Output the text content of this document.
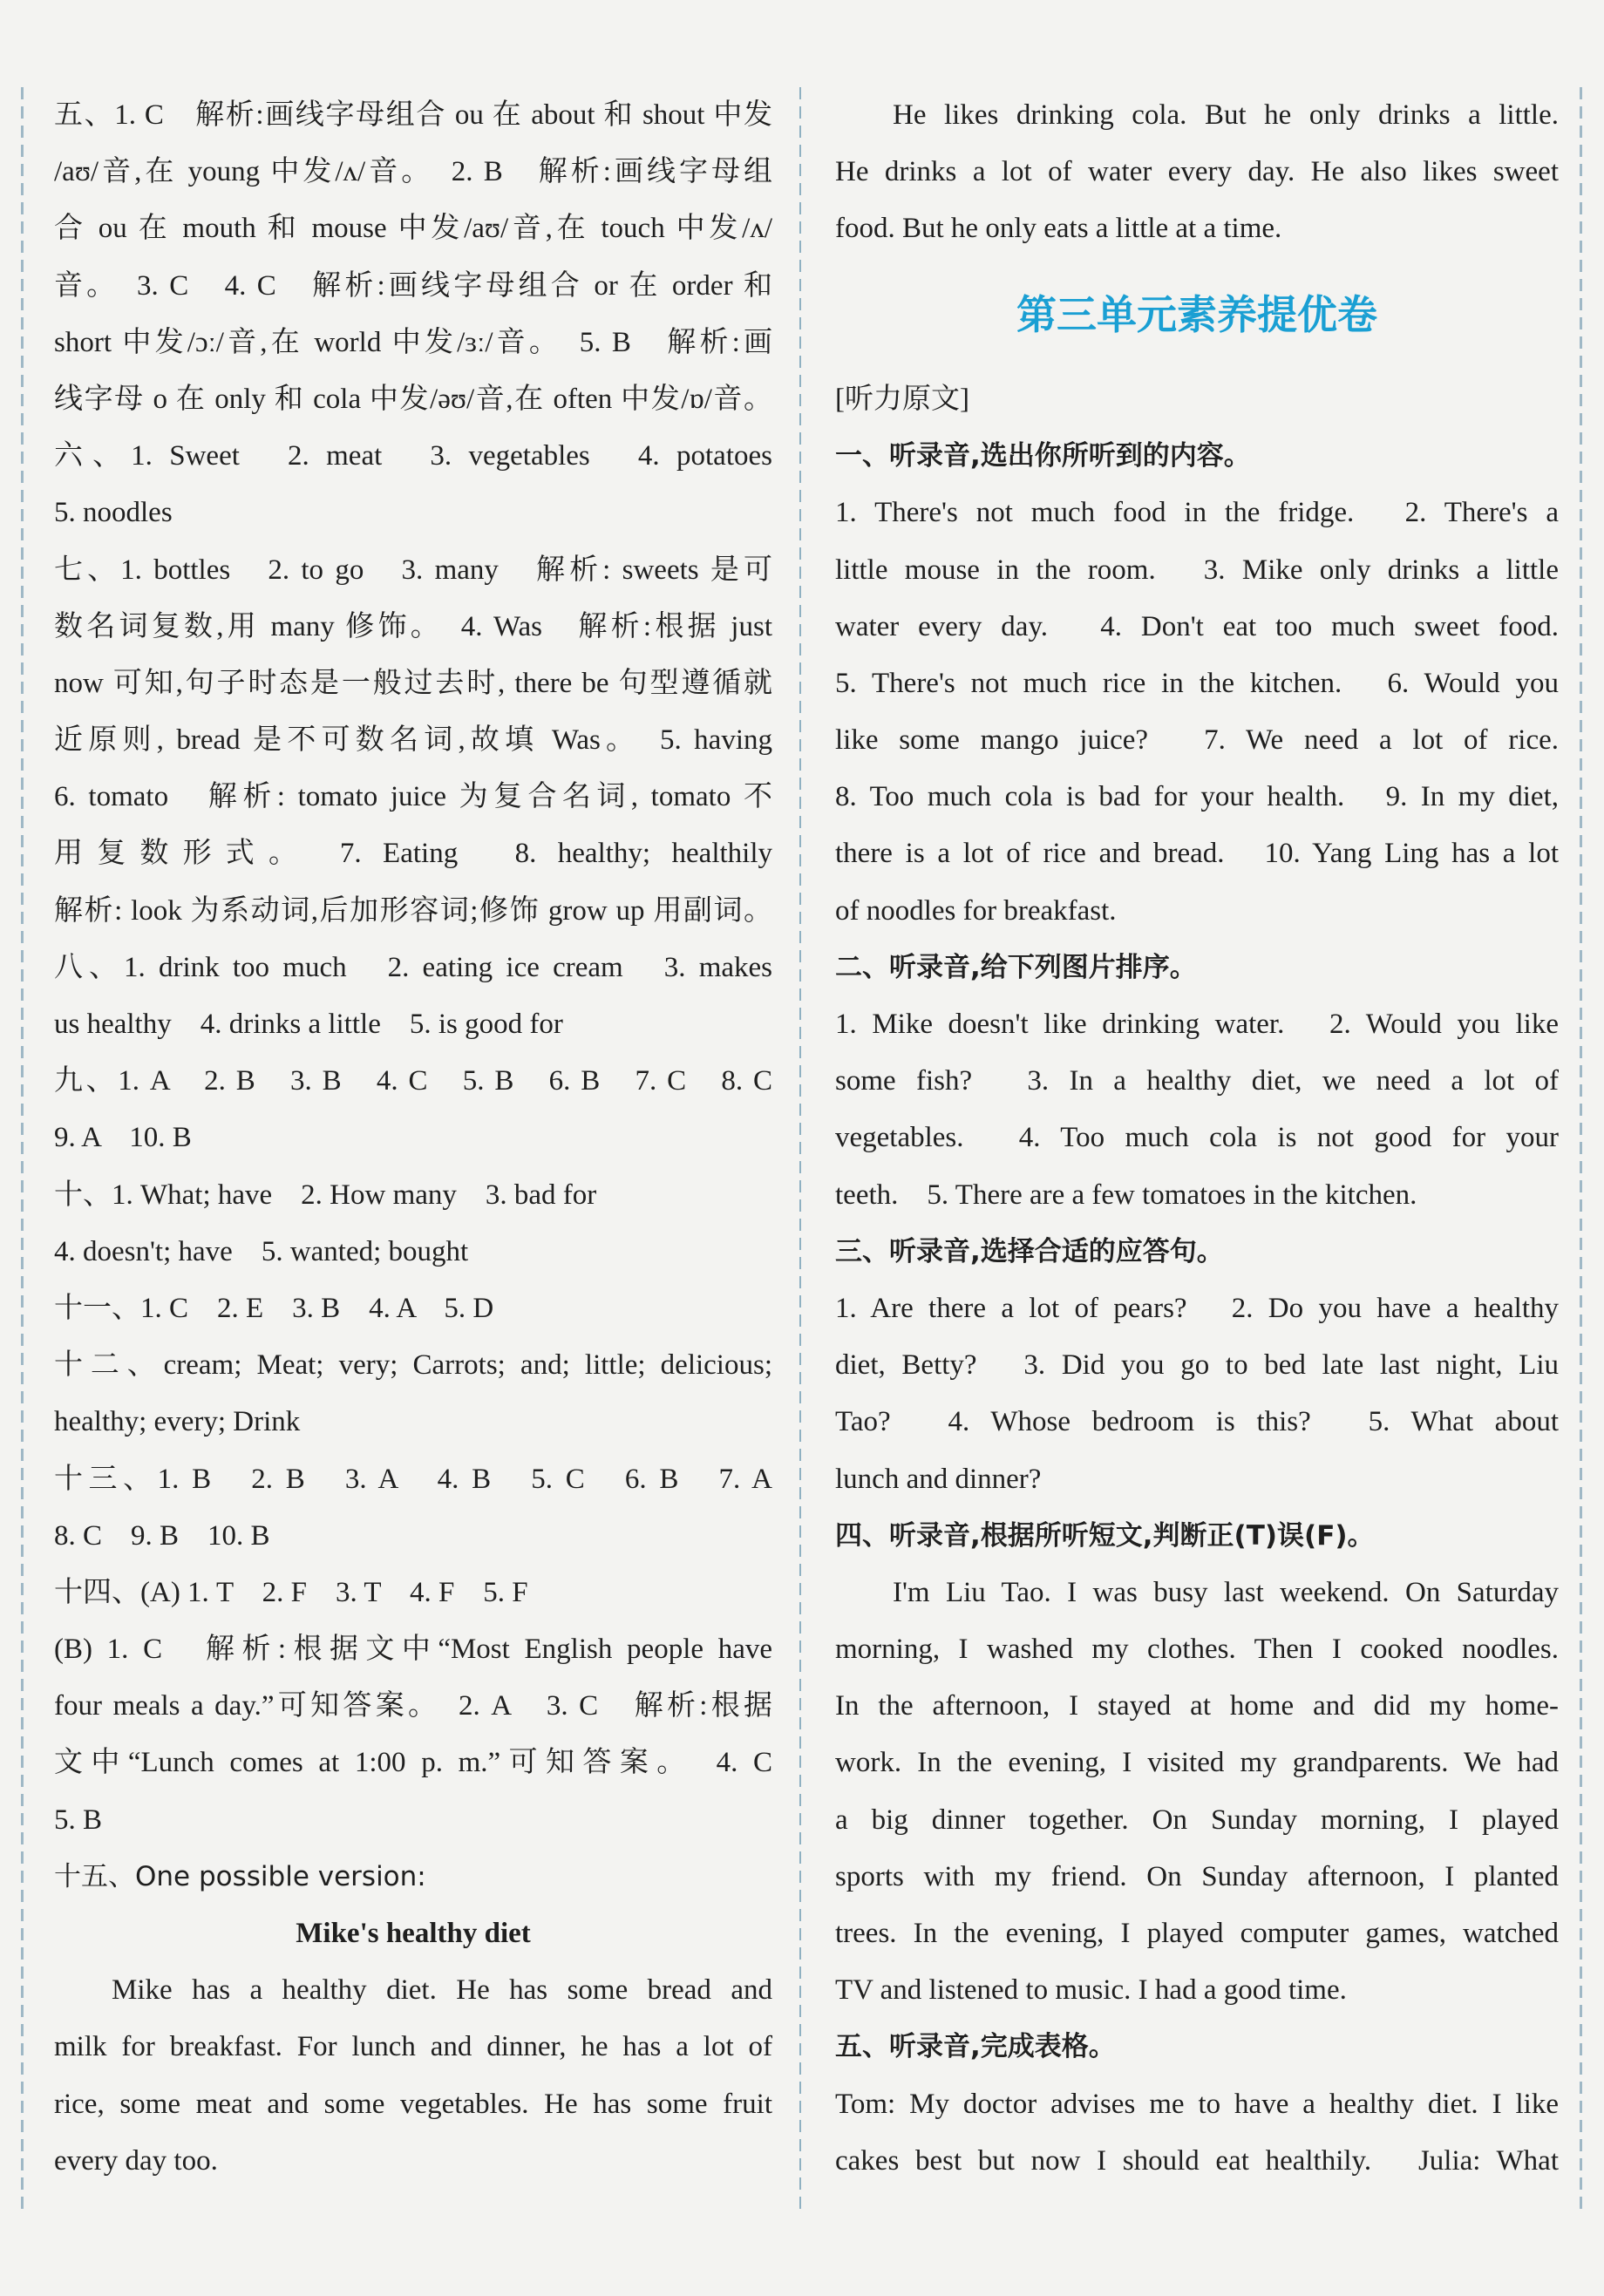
五、1. C　解析:画线字母组合 ou 在 about 和 shout 中发
/aʊ/音,在 young 中发/ʌ/音。　2. B　解析:画线字母组
合 ou 在 mouth 和 mouse 中发/aʊ/音,在 touch 中发/ʌ/
音。　3. C　4. C　解析:画线字母组合 or 在 order 和
short 中发/ɔː/音,在 world 中发/ɜː/音。　5. B　解析:画
线字母 o 在 only 和 cola 中发/əʊ/音,在 often 中发/ɒ/音。
六、1. Sweet　2. meat　3. vegetables　4. potatoes
5. noodles
七、1. bottles　2. to go　3. many　解析: sweets 是可
数名词复数,用 many 修饰。　4. Was　解析:根据 just
now 可知,句子时态是一般过去时, there be 句型遵循就
近原则, bread 是不可数名词,故填 Was。　5. having
6. tomato　解析: tomato juice 为复合名词, tomato 不
用复数形式。　7. Eating　8. healthy; healthily
解析: look 为系动词,后加形容词;修饰 grow up 用副词。
八、1. drink too much　2. eating ice cream　3. makes
us healthy　4. drinks a little　5. is good for
九、1. A　2. B　3. B　4. C　5. B　6. B　7. C　8. C
9. A　10. B
十、1. What; have　2. How many　3. bad for
4. doesn't; have　5. wanted; bought
十一、1. C　2. E　3. B　4. A　5. D
十二、cream; Meat; very; Carrots; and; little; delicious;
healthy; every; Drink
十三、1. B　2. B　3. A　4. B　5. C　6. B　7. A
8. C　9. B　10. B
十四、(A) 1. T　2. F　3. T　4. F　5. F
(B) 1. C　解析:根据文中“Most English people have
four meals a day.”可知答案。　2. A　3. C　解析:根据
文中“Lunch comes at 1:00 p. m.”可知答案。　4. C
5. B
十五、One possible version:
Mike's healthy diet
Mike has a healthy diet. He has some bread and
milk for breakfast. For lunch and dinner, he has a lot of
rice, some meat and some vegetables. He has some fruit
every day too.
He likes drinking cola. But he only drinks a little.
He drinks a lot of water every day. He also likes sweet
food. But he only eats a little at a time.
第三单元素养提优卷
[听力原文]
一、听录音,选出你所听到的内容。
1. There's not much food in the fridge.　2. There's a
little mouse in the room.　3. Mike only drinks a little
water every day.　4. Don't eat too much sweet food.
5. There's not much rice in the kitchen.　6. Would you
like some mango juice?　7. We need a lot of rice.
8. Too much cola is bad for your health.　9. In my diet,
there is a lot of rice and bread.　10. Yang Ling has a lot
of noodles for breakfast.
二、听录音,给下列图片排序。
1. Mike doesn't like drinking water.　2. Would you like
some fish?　3. In a healthy diet, we need a lot of
vegetables.　4. Too much cola is not good for your
teeth.　5. There are a few tomatoes in the kitchen.
三、听录音,选择合适的应答句。
1. Are there a lot of pears?　2. Do you have a healthy
diet, Betty?　3. Did you go to bed late last night, Liu
Tao?　4. Whose bedroom is this?　5. What about
lunch and dinner?
四、听录音,根据所听短文,判断正(T)误(F)。
I'm Liu Tao. I was busy last weekend. On Saturday
morning, I washed my clothes. Then I cooked noodles.
In the afternoon, I stayed at home and did my home-
work. In the evening, I visited my grandparents. We had
a big dinner together. On Sunday morning, I played
sports with my friend. On Sunday afternoon, I planted
trees. In the evening, I played computer games, watched
TV and listened to music. I had a good time.
五、听录音,完成表格。
Tom: My doctor advises me to have a healthy diet. I like
cakes best but now I should eat healthily.　Julia: What
